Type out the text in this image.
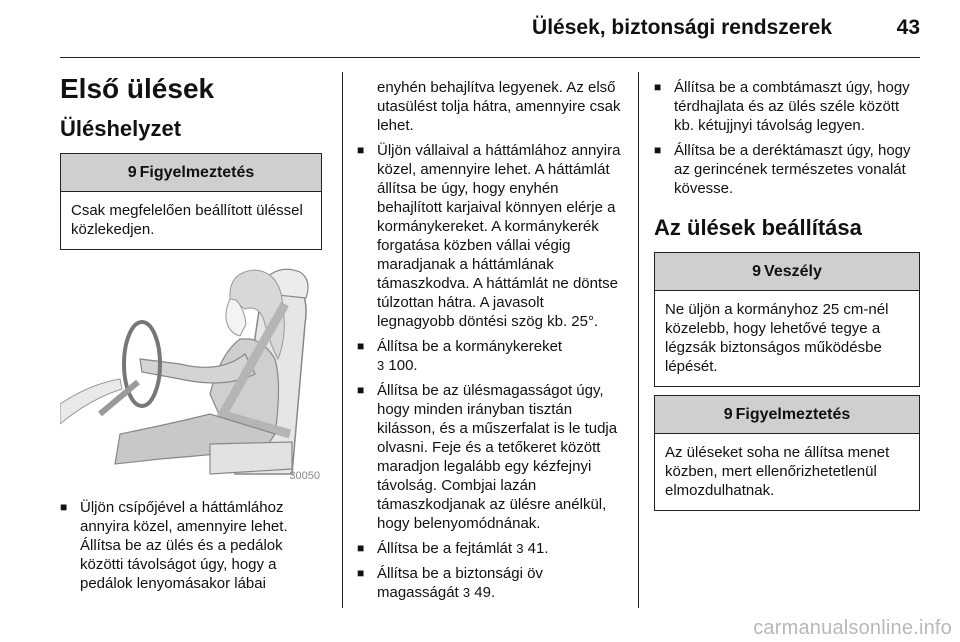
Ülések, biztonsági rendszerek	43
Első ülések
Üléshelyzet
9 Figyelmeztetés
Csak megfelelően beállított üléssel közlekedjen.
30050
■ Üljön csípőjével a háttámlához annyira közel, amennyire lehet. Állítsa be az ülés és a pedálok közötti távolságot úgy, hogy a pedálok lenyomásakor lábai
enyhén behajlítva legyenek. Az első utasülést tolja hátra, amennyire csak lehet.
■ Üljön vállaival a háttámlához annyira közel, amennyire lehet. A háttámlát állítsa be úgy, hogy enyhén behajlított karjaival könnyen elérje a kormánykereket. A kormánykerék forgatása közben vállai végig maradjanak a háttámlának támaszkodva. A háttámlát ne döntse túlzottan hátra. A javasolt legnagyobb döntési szög kb. 25°.
■ Állítsa be a kormánykereket
3 100.
■ Állítsa be az ülésmagasságot úgy, hogy minden irányban tisztán kilásson, és a műszerfalat is le tudja olvasni. Feje és a tetőkeret között maradjon legalább egy kézfejnyi távolság. Combjai lazán támaszkodjanak az ülésre anélkül, hogy belenyomódnának.
■ Állítsa be a fejtámlát 3 41.
■ Állítsa be a biztonsági öv magasságát 3 49.
■ Állítsa be a combtámaszt úgy, hogy térdhajlata és az ülés széle között kb. kétujjnyi távolság legyen.
■ Állítsa be a deréktámaszt úgy, hogy az gerincének természetes vonalát kövesse.
Az ülések beállítása
9 Veszély
Ne üljön a kormányhoz 25 cm-nél közelebb, hogy lehetővé tegye a légzsák biztonságos működésbe lépését.
9 Figyelmeztetés
Az üléseket soha ne állítsa menet közben, mert ellenőrizhetetlenül elmozdulhatnak.
carmanualsonline.info
